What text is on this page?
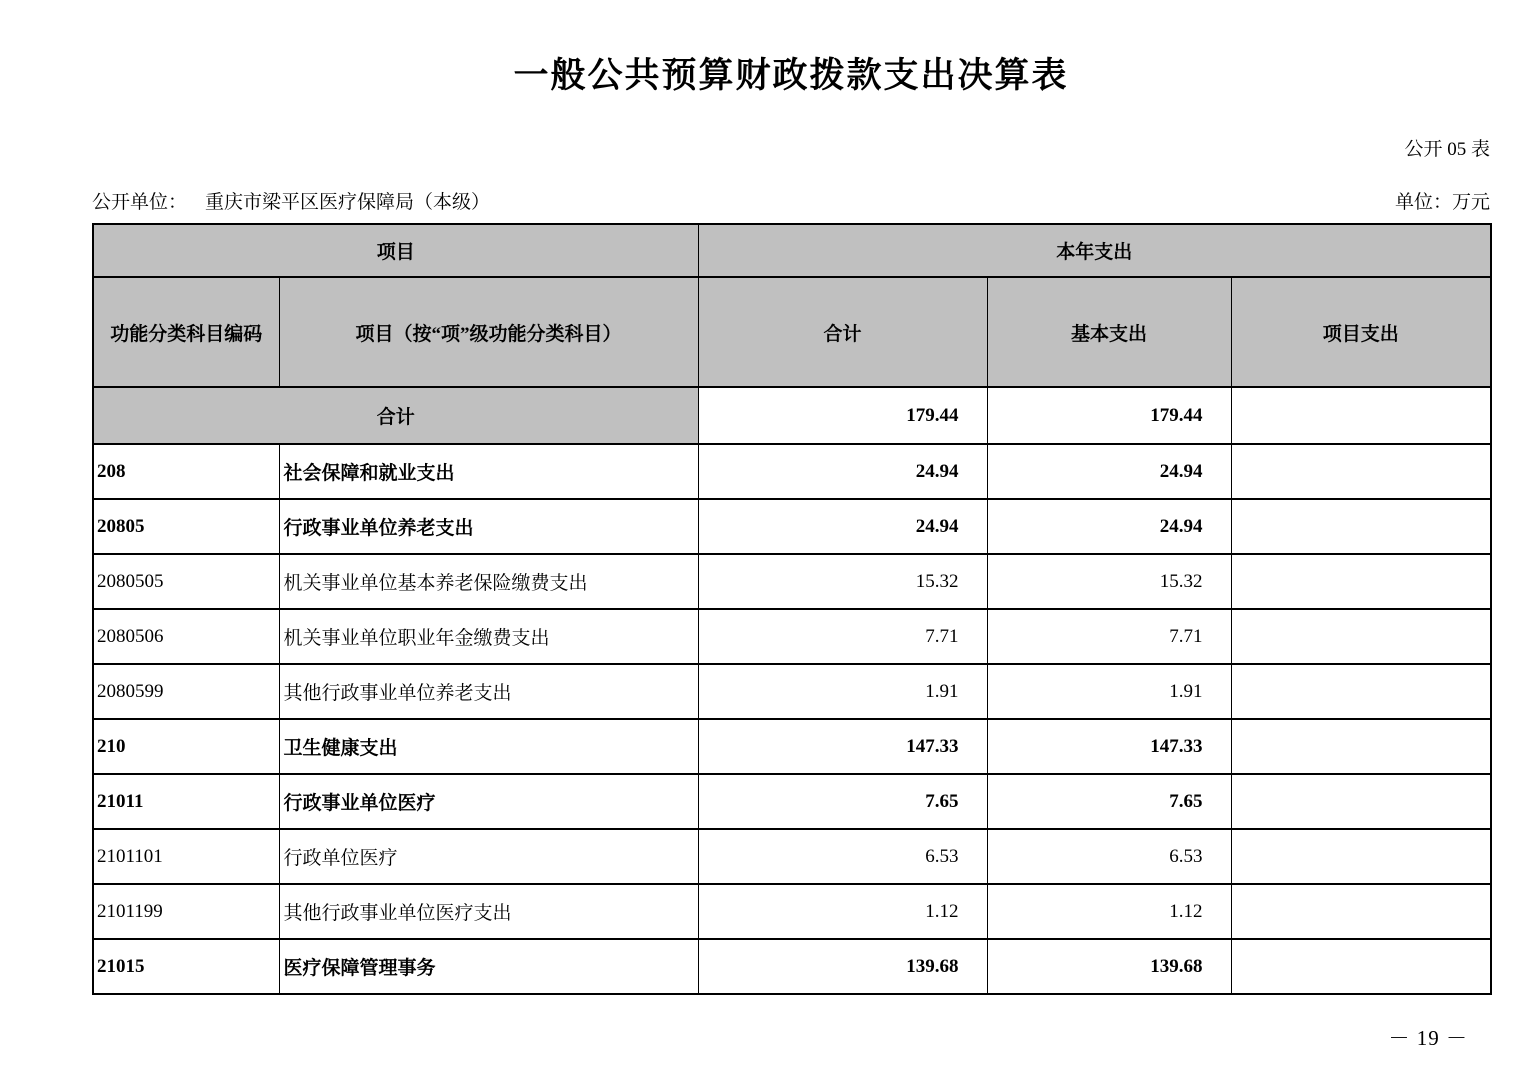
一般公共预算财政拨款支出决算表
公开 05 表
公开单位： 重庆市梁平区医疗保障局（本级）	单位：万元
项目		本年支出		
功能分类科目编码	项目（按“项”级功能分类科目）	合计	基本支出	项目支出
合计		179.44	179.44	
208	社会保障和就业支出	24.94	24.94	
20805	行政事业单位养老支出	24.94	24.94	
2080505	机关事业单位基本养老保险缴费支出	15.32	15.32	
2080506	机关事业单位职业年金缴费支出	7.71	7.71	
2080599	其他行政事业单位养老支出	1.91	1.91	
210	卫生健康支出	147.33	147.33	
21011	行政事业单位医疗	7.65	7.65	
2101101	行政单位医疗	6.53	6.53	
2101199	其他行政事业单位医疗支出	1.12	1.12	
21015	医疗保障管理事务	139.68	139.68	
－ 19 －
